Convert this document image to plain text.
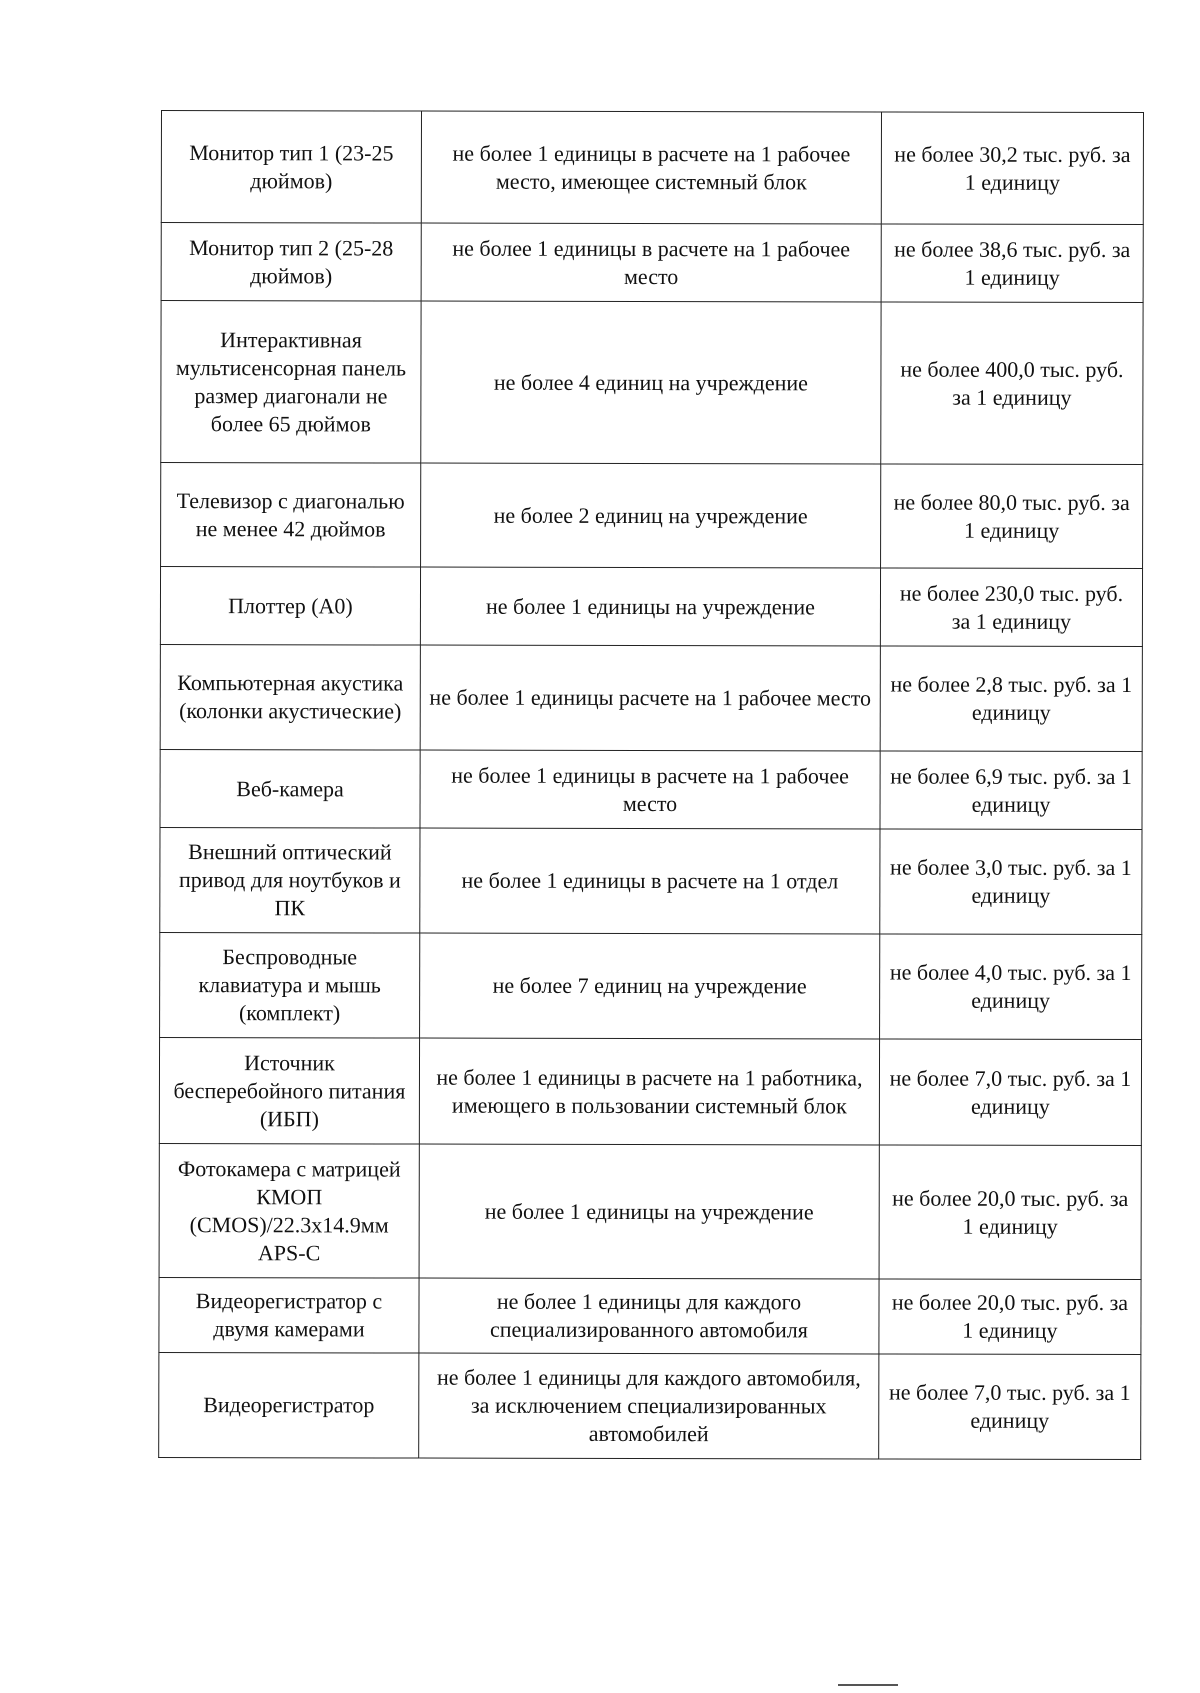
Монитор тип 1 (23-25 дюймов)	не более 1 единицы в расчете на 1 рабочее место, имеющее системный блок	не более 30,2 тыс. руб. за 1 единицу
Монитор тип 2 (25-28 дюймов)	не более 1 единицы в расчете на 1 рабочее место	не более 38,6 тыс. руб. за 1 единицу
Интерактивная мультисенсорная панель размер диагонали не более 65 дюймов	не более 4 единиц на учреждение	не более 400,0 тыс. руб. за 1 единицу
Телевизор с диагональю не менее 42 дюймов	не более 2 единиц на учреждение	не более 80,0 тыс. руб. за 1 единицу
Плоттер (А0)	не более 1 единицы на учреждение	не более 230,0 тыс. руб. за 1 единицу
Компьютерная акустика (колонки акустические)	не более 1 единицы расчете на 1 рабочее место	не более 2,8 тыс. руб. за 1 единицу
Веб-камера	не более 1 единицы в расчете на 1 рабочее место	не более 6,9 тыс. руб. за 1 единицу
Внешний оптический привод для ноутбуков и ПК	не более 1 единицы в расчете на 1 отдел	не более 3,0 тыс. руб. за 1 единицу
Беспроводные клавиатура и мышь (комплект)	не более 7 единиц на учреждение	не более 4,0 тыс. руб. за 1 единицу
Источник бесперебойного питания (ИБП)	не более 1 единицы в расчете на 1 работника, имеющего в пользовании системный блок	не более 7,0 тыс. руб. за 1 единицу
Фотокамера с матрицей КМОП (CMOS)/22.3x14.9мм APS-C	не более 1 единицы на учреждение	не более 20,0 тыс. руб. за 1 единицу
Видеорегистратор с двумя камерами	не более 1 единицы для каждого специализированного автомобиля	не более 20,0 тыс. руб. за 1 единицу
Видеорегистратор	не более 1 единицы для каждого автомобиля, за исключением специализированных автомобилей	не более 7,0 тыс. руб. за 1 единицу
